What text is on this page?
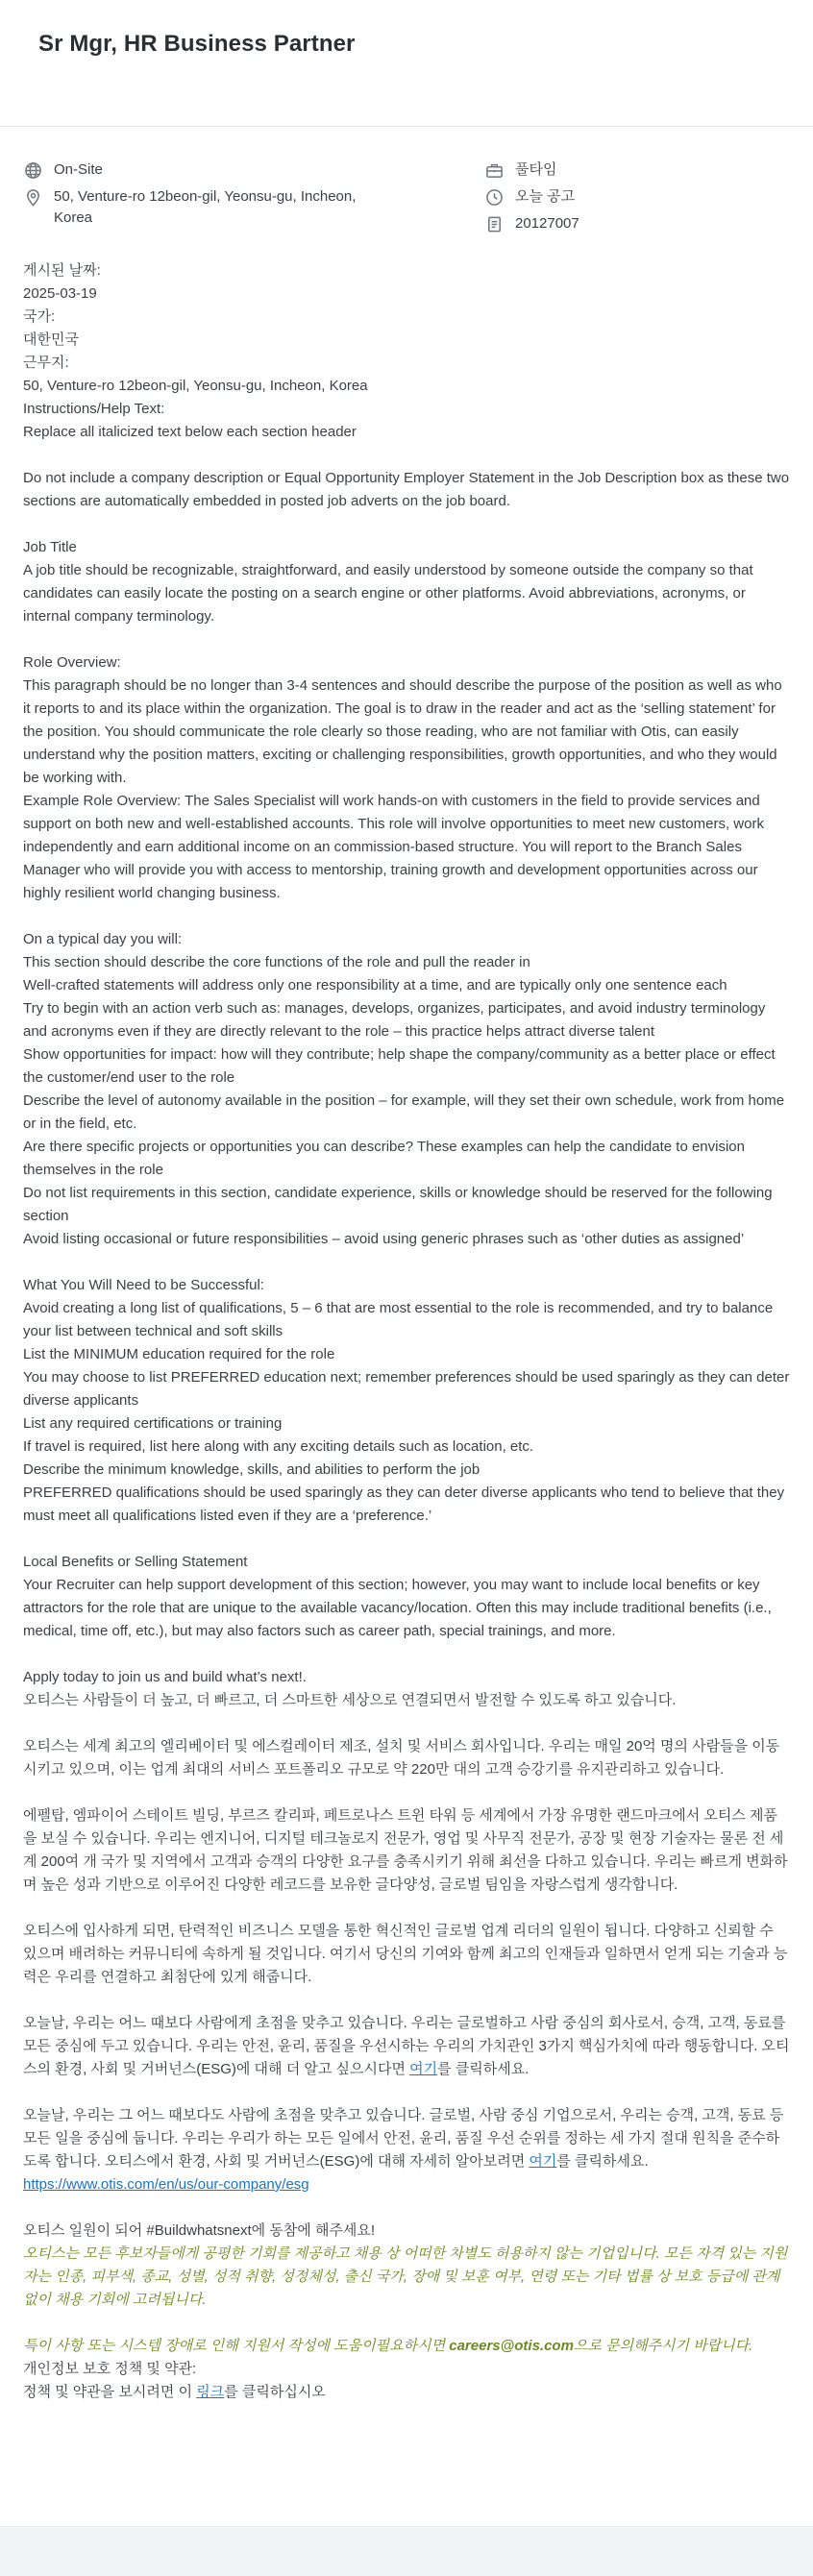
Sr Mgr, HR Business Partner
On-Site
50, Venture-ro 12beon-gil, Yeonsu-gu, Incheon, Korea
풀타임
오늘 공고
20127007

게시된 날짜:

2025-03-19

국가:

대한민국

근무지:

50, Venture-ro 12beon-gil, Yeonsu-gu, Incheon, Korea

Instructions/Help Text:

Replace all italicized text below each section header

Do not include a company description or Equal Opportunity Employer Statement in the Job Description box as these two sections are automatically embedded in posted job adverts on the job board.

Job Title

A job title should be recognizable, straightforward, and easily understood by someone outside the company so that candidates can easily locate the posting on a search engine or other platforms. Avoid abbreviations, acronyms, or internal company terminology.

Role Overview:

This paragraph should be no longer than 3-4 sentences and should describe the purpose of the position as well as who it reports to and its place within the organization. The goal is to draw in the reader and act as the ‘selling statement’ for the position. You should communicate the role clearly so those reading, who are not familiar with Otis, can easily understand why the position matters, exciting or challenging responsibilities, growth opportunities, and who they would be working with.

Example Role Overview: The Sales Specialist will work hands-on with customers in the field to provide services and support on both new and well-established accounts. This role will involve opportunities to meet new customers, work independently and earn additional income on an commission-based structure. You will report to the Branch Sales Manager who will provide you with access to mentorship, training growth and development opportunities across our highly resilient world changing business.

On a typical day you will:

This section should describe the core functions of the role and pull the reader in

Well-crafted statements will address only one responsibility at a time, and are typically only one sentence each

Try to begin with an action verb such as: manages, develops, organizes, participates, and avoid industry terminology and acronyms even if they are directly relevant to the role – this practice helps attract diverse talent

Show opportunities for impact: how will they contribute; help shape the company/community as a better place or effect the customer/end user to the role

Describe the level of autonomy available in the position – for example, will they set their own schedule, work from home or in the field, etc.

Are there specific projects or opportunities you can describe? These examples can help the candidate to envision themselves in the role

Do not list requirements in this section, candidate experience, skills or knowledge should be reserved for the following section

Avoid listing occasional or future responsibilities – avoid using generic phrases such as ‘other duties as assigned’

What You Will Need to be Successful:

Avoid creating a long list of qualifications, 5 – 6 that are most essential to the role is recommended, and try to balance your list between technical and soft skills

List the MINIMUM education required for the role

You may choose to list PREFERRED education next; remember preferences should be used sparingly as they can deter diverse applicants

List any required certifications or training

If travel is required, list here along with any exciting details such as location, etc.

Describe the minimum knowledge, skills, and abilities to perform the job

PREFERRED qualifications should be used sparingly as they can deter diverse applicants who tend to believe that they must meet all qualifications listed even if they are a ‘preference.’

Local Benefits or Selling Statement

Your Recruiter can help support development of this section; however, you may want to include local benefits or key attractors for the role that are unique to the available vacancy/location. Often this may include traditional benefits (i.e., medical, time off, etc.), but may also factors such as career path, special trainings, and more.

Apply today to join us and build what’s next!.

오티스는 사람들이 더 높고, 더 빠르고, 더 스마트한 세상으로 연결되면서 발전할 수 있도록 하고 있습니다.

오티스는 세계 최고의 엘리베이터 및 에스컬레이터 제조, 설치 및 서비스 회사입니다. 우리는 매일 20억 명의 사람들을 이동시키고 있으며, 이는 업계 최대의 서비스 포트폴리오 규모로 약 220만 대의 고객 승강기를 유지관리하고 있습니다.

에펠탑, 엠파이어 스테이트 빌딩, 부르즈 칼리파, 페트로나스 트윈 타워 등 세계에서 가장 유명한 랜드마크에서 오티스 제품을 보실 수 있습니다. 우리는 엔지니어, 디지털 테크놀로지 전문가, 영업 및 사무직 전문가, 공장 및 현장 기술자는 물론 전 세계 200여 개 국가 및 지역에서 고객과 승객의 다양한 요구를 충족시키기 위해 최선을 다하고 있습니다. 우리는 빠르게 변화하며 높은 성과 기반으로 이루어진 다양한 레코드를 보유한 글다양성, 글로벌 팀임을 자랑스럽게 생각합니다.

오티스에 입사하게 되면, 탄력적인 비즈니스 모델을 통한 혁신적인 글로벌 업계 리더의 일원이 됩니다. 다양하고 신뢰할 수 있으며 배려하는 커뮤니티에 속하게 될 것입니다. 여기서 당신의 기여와 함께 최고의 인재들과 일하면서 얻게 되는 기술과 능력은 우리를 연결하고 최첨단에 있게 해줍니다.

오늘날, 우리는 어느 때보다 사람에게 초점을 맞추고 있습니다. 우리는 글로벌하고 사람 중심의 회사로서, 승객, 고객, 동료를 모든 중심에 두고 있습니다. 우리는 안전, 윤리, 품질을 우선시하는 우리의 가치관인 3가지 핵심가치에 따라 행동합니다. 오티스의 환경, 사회 및 거버넌스(ESG)에 대해 더 알고 싶으시다면 여기를 클릭하세요.

오늘날, 우리는 그 어느 때보다도 사람에 초점을 맞추고 있습니다. 글로벌, 사람 중심 기업으로서, 우리는 승객, 고객, 동료 등 모든 일을 중심에 둡니다. 우리는 우리가 하는 모든 일에서 안전, 윤리, 품질 우선 순위를 정하는 세 가지 절대 원칙을 준수하도록 합니다. 오티스에서 환경, 사회 및 거버넌스(ESG)에 대해 자세히 알아보려면 여기를 클릭하세요. https://www.otis.com/en/us/our-company/esg

오티스 일원이 되어 #Buildwhatsnext에 동참에 해주세요!

오티스는 모든 후보자들에게 공평한 기회를 제공하고 채용 상 어떠한 차별도 허용하지 않는 기업입니다. 모든 자격 있는 지원자는 인종, 피부색, 종교, 성별, 성적 취향, 성정체성, 출신 국가, 장애 및 보훈 여부, 연령 또는 기타 법률 상 보호 등급에 관계 없이 채용 기회에 고려됩니다.

특이 사항 또는 시스템 장애로 인해 지원서 작성에 도움이필요하시면 careers@otis.com으로 문의해주시기 바랍니다.

개인정보 보호 정책 및 약관:

정책 및 약관을 보시려면 이 링크를 클릭하십시오
